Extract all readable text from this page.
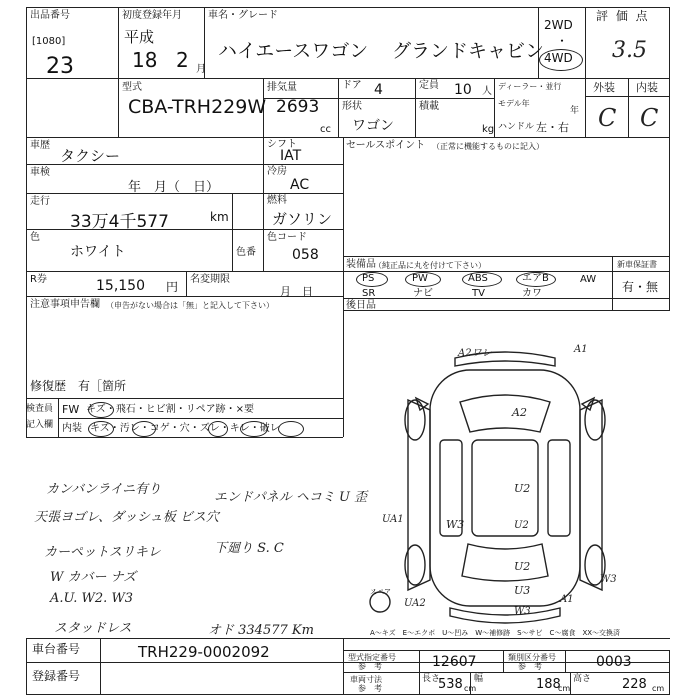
出品番号
[1080]
23
初度登録年月
平成
18 2 月
車名・グレード
ハイエースワゴン グランドキャビン
2WD
・
4WD
評 価 点
3.5
型式
CBA-TRH229W
排気量
2693
cc
ドア 4	定員 10 人
形状
ワゴン
積載
kg
ディーラー・並行
モデル年
年
ハンドル 左・右
外装 内装
C C
車歴
タクシー
シフト
IAT
車検
年　月（　日）
冷房
AC
走行
33万4千577	km
燃料
ガソリン
色
ホワイト	色番
色コード
058
R券	15,150 円
名変期限
月　日
注意事項申告欄 （申告がない場合は「無」と記入して下さい）
修復歴 有［箇所
セールスポイント （正常に機能するものに記入）
装備品
（純正品に丸を付けて下さい）	新車保証書
有・無
PS	PW	ABS	エアB	AW
SR	ナビ	TV	カワ
後日品
検査員
記入欄
FW キズ・飛石・ヒビ割・リペア跡・×要
内装 キズ・汚レ・コゲ・穴・ズレ・キレ・破レ
カンバンライニ有り
天張ヨゴレ、ダッシュ板 ビス穴
カーペットスリキレ
W カバー ナズ
A.U. W2. W3
スタッドレス
エンドパネル ヘコミ U 歪
下廻り S. C
オド 334577 Km
A2ワレ	A1
A2
U2
W3	U2
U2
U3
UA1
UA2
W3
A1
W3
スペア
A～キズ　E～エクボ　U～凹み　W～補修跡　S～サビ　C～腐食　XX～交換済
車台番号	TRH229-0002092
登録番号
型式指定番号
参　考	12607	類別区分番号
参　考	0003
車両寸法
参　考
長さ
538 cm
幅	188
cm
高さ 228 cm
